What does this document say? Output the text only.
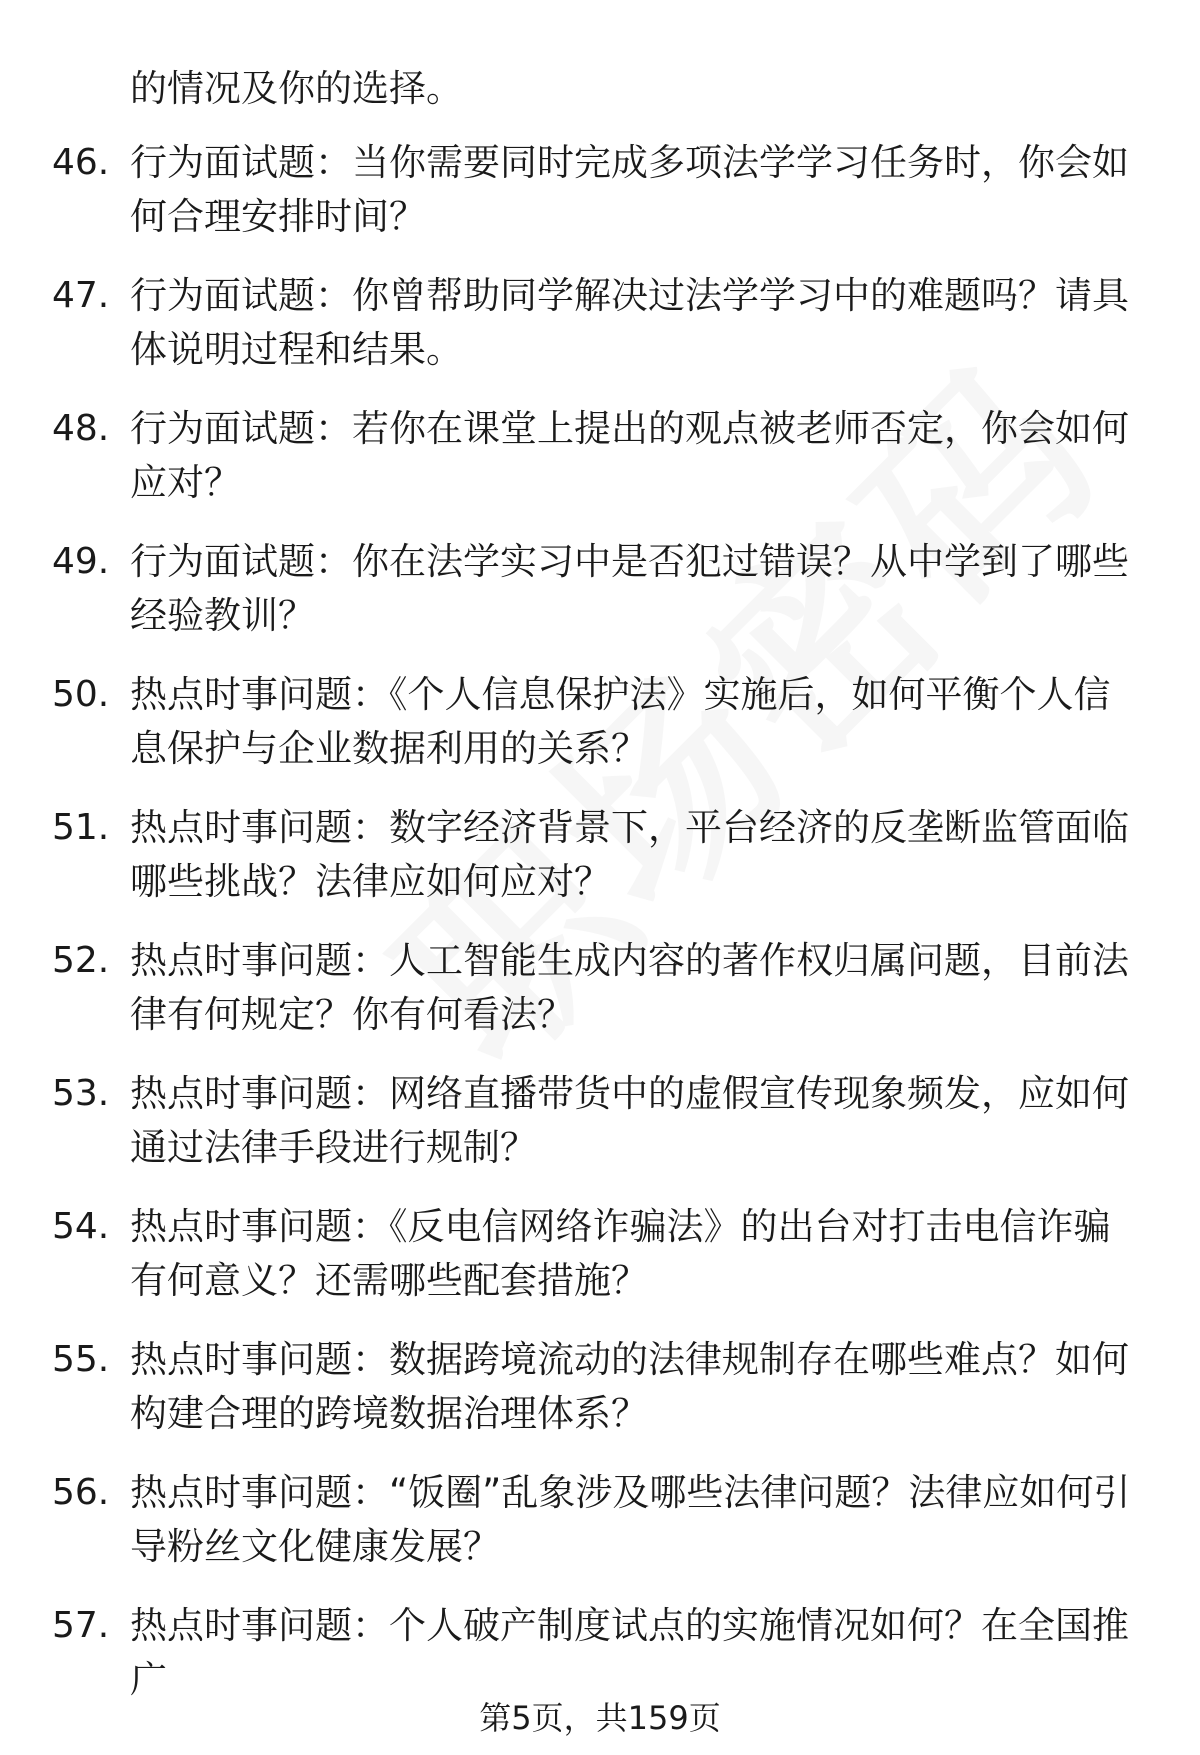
的情况及你的选择。

46. 行为面试题：当你需要同时完成多项法学学习任务时，你会如何合理安排时间？

47. 行为面试题：你曾帮助同学解决过法学学习中的难题吗？请具体说明过程和结果。

48. 行为面试题：若你在课堂上提出的观点被老师否定，你会如何应对？

49. 行为面试题：你在法学实习中是否犯过错误？从中学到了哪些经验教训？

50. 热点时事问题：《个人信息保护法》实施后，如何平衡个人信息保护与企业数据利用的关系？

51. 热点时事问题：数字经济背景下，平台经济的反垄断监管面临哪些挑战？法律应如何应对？

52. 热点时事问题：人工智能生成内容的著作权归属问题，目前法律有何规定？你有何看法？

53. 热点时事问题：网络直播带货中的虚假宣传现象频发，应如何通过法律手段进行规制？

54. 热点时事问题：《反电信网络诈骗法》的出台对打击电信诈骗有何意义？还需哪些配套措施？

55. 热点时事问题：数据跨境流动的法律规制存在哪些难点？如何构建合理的跨境数据治理体系？

56. 热点时事问题：“饭圈”乱象涉及哪些法律问题？法律应如何引导粉丝文化健康发展？

57. 热点时事问题：个人破产制度试点的实施情况如何？在全国推广

第5页，共159页
